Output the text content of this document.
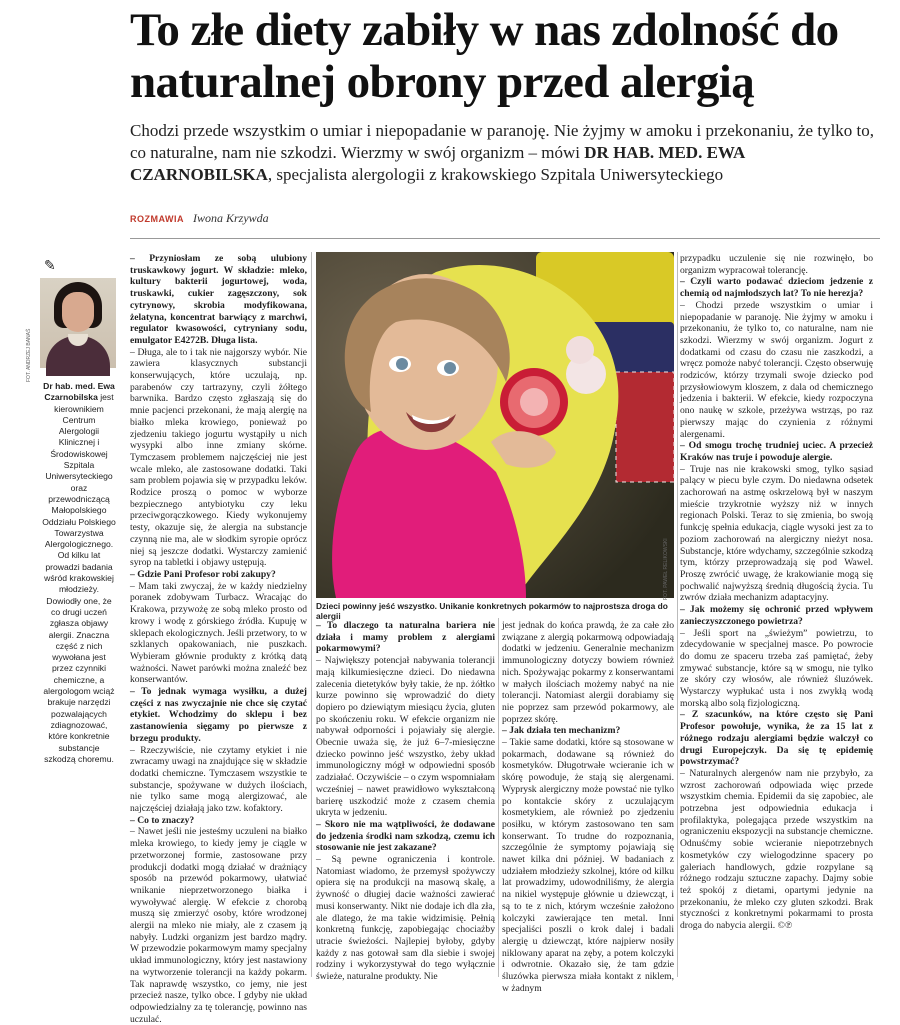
To złe diety zabiły w nas zdolność do naturalnej obrony przed alergią

Chodzi przede wszystkim o umiar i niepopadanie w paranoję. Nie żyjmy w amoku i przekonaniu, że tylko to, co naturalne, nam nie szkodzi. Wierzmy w swój organizm – mówi DR HAB. MED. EWA CZARNOBILSKA, specjalista alergologii z krakowskiego Szpitala Uniwersyteckiego

ROZMAWIA Iwona Krzywda
✎
FOT. ANDRZEJ BANAŚ
Dr hab. med. Ewa Czarnobilska jest kierownikiem Centrum Alergologii Klinicznej i Środowiskowej Szpitala Uniwersyteckiego oraz przewodniczącą Małopolskiego Oddziału Polskiego Towarzystwa Alergologicznego. Od kilku lat prowadzi badania wśród krakowskiej młodzieży. Dowiodły one, że co drugi uczeń zgłasza objawy alergii. Znaczna część z nich wywołana jest przez czynniki chemiczne, a alergologom wciąż brakuje narzędzi pozwalających zdiagnozować, które konkretnie substancje szkodzą choremu.

– Przyniosłam ze sobą ulubiony truskawkowy jogurt. W składzie: mleko, kultury bakterii jogurtowej, woda, truskawki, cukier zagęszczony, sok cytrynowy, skrobia modyfikowana, żelatyna, koncentrat barwiący z marchwi, regulator kwasowości, cytryniany sodu, emulgator E4272B. Długa lista.

– Długa, ale to i tak nie najgorszy wybór. Nie zawiera klasycznych substancji konserwujących, które uczulają, np. parabenów czy tartrazyny, czyli żółtego barwnika. Bardzo często zgłaszają się do mnie pacjenci przekonani, że mają alergię na białko mleka krowiego, ponieważ po zjedzeniu takiego jogurtu wystąpiły u nich wysypki albo inne zmiany skórne. Tymczasem problemem najczęściej nie jest wcale mleko, ale zastosowane dodatki. Taki sam problem pojawia się w przypadku leków. Rodzice proszą o pomoc w wyborze bezpiecznego antybiotyku czy leku przeciwgorączkowego. Kiedy wykonujemy testy, okazuje się, że alergia na substancje czynną nie ma, ale w słodkim syropie oprócz niej są jeszcze dodatki. Wystarczy zamienić syrop na tabletki i objawy ustępują.

– Gdzie Pani Profesor robi zakupy?

– Mam taki zwyczaj, że w każdy niedzielny poranek zdobywam Turbacz. Wracając do Krakowa, przywożę ze sobą mleko prosto od krowy i wodę z górskiego źródła. Kupuję w sklepach ekologicznych. Jeśli przetwory, to w szklanych opakowaniach, nie puszkach. Wybieram głównie produkty z krótką datą ważności. Nawet parówki można znaleźć bez konserwantów.

– To jednak wymaga wysiłku, a dużej części z nas zwyczajnie nie chce się czytać etykiet. Wchodzimy do sklepu i bez zastanowienia sięgamy po pierwsze z brzegu produkty.

– Rzeczywiście, nie czytamy etykiet i nie zwracamy uwagi na znajdujące się w składzie dodatki chemiczne. Tymczasem wszystkie te substancje, spożywane w dużych ilościach, nie tylko same mogą alergizować, ale najczęściej działają jako tzw. kofaktory.

– Co to znaczy?

– Nawet jeśli nie jesteśmy uczuleni na białko mleka krowiego, to kiedy jemy je ciągle w przetworzonej formie, zastosowane przy produkcji dodatki mogą działać w drażniący sposób na przewód pokarmowy, ułatwiać wnikanie nieprzetworzonego białka i wywoływać alergię. W efekcie z chorobą muszą się zmierzyć osoby, które wrodzonej alergii na mleko nie miały, ale z czasem ją nabyły. Ludzki organizm jest bardzo mądry. W przewodzie pokarmowym mamy specjalny układ immunologiczny, który jest nastawiony na wytworzenie tolerancji na każdy pokarm. Tak naprawdę wszystko, co jemy, nie jest przecież nasze, tylko obce. I gdyby nie układ odpowiedzialny za tę tolerancję, powinno nas uczulać.

FOT. PAWEŁ RELIKOWSKI
Dzieci powinny jeść wszystko. Unikanie konkretnych pokarmów to najprostsza droga do alergii

– To dlaczego ta naturalna bariera nie działa i mamy problem z alergiami pokarmowymi?

– Największy potencjał nabywania tolerancji mają kilkumiesięczne dzieci. Do niedawna zalecenia dietetyków były takie, że np. żółtko kurze powinno się wprowadzić do diety dopiero po dziewiątym miesiącu życia, gluten po skończeniu roku. W efekcie organizm nie nabywał odporności i pojawiały się alergie. Obecnie uważa się, że już 6–7-miesięczne dziecko powinno jeść wszystko, żeby układ immunologiczny mógł w odpowiedni sposób zadziałać. Oczywiście – o czym wspomniałam wcześniej – nawet prawidłowo wykształconą barierę uszkodzić może z czasem chemia ukryta w jedzeniu.

– Skoro nie ma wątpliwości, że dodawane do jedzenia środki nam szkodzą, czemu ich stosowanie nie jest zakazane?

– Są pewne ograniczenia i kontrole. Natomiast wiadomo, że przemysł spożywczy opiera się na produkcji na masową skalę, a żywność o długiej dacie ważności zawierać musi konserwanty. Nikt nie dodaje ich dla zła, ale dlatego, że ma takie widzimisię. Pełnią konkretną funkcję, zapobiegając chociażby utracie świeżości. Najlepiej byłoby, gdyby każdy z nas gotował sam dla siebie i swojej rodziny i wykorzystywał do tego wyłącznie świeże, naturalne produkty. Nie

jest jednak do końca prawdą, że za całe zło związane z alergią pokarmową odpowiadają dodatki w jedzeniu. Generalnie mechanizm immunologiczny dotyczy bowiem również nich. Spożywając pokarmy z konserwantami w małych ilościach możemy nabyć na nie tolerancji. Natomiast alergii dorabiamy się nie poprzez sam przewód pokarmowy, ale poprzez skórę.

– Jak działa ten mechanizm?

– Takie same dodatki, które są stosowane w pokarmach, dodawane są również do kosmetyków. Długotrwałe wcieranie ich w skórę powoduje, że stają się alergenami. Wyprysk alergiczny może powstać nie tylko po kontakcie skóry z uczulającym kosmetykiem, ale również po zjedzeniu posiłku, w którym zastosowano ten sam konserwant. To trudne do rozpoznania, szczególnie że symptomy pojawiają się nawet kilka dni później. W badaniach z udziałem młodzieży szkolnej, które od kilku lat prowadzimy, udowodniliśmy, że alergia na nikiel występuje głównie u dziewcząt, i są to te z nich, którym wcześnie założono kolczyki zawierające ten metal. Inni specjaliści poszli o krok dalej i badali alergię u dziewcząt, które najpierw nosiły niklowany aparat na zęby, a potem kolczyki i odwrotnie. Okazało się, że tam gdzie śluzówka pierwsza miała kontakt z niklem, w żadnym

przypadku uczulenie się nie rozwinęło, bo organizm wypracował tolerancję.

– Czyli warto podawać dzieciom jedzenie z chemią od najmłodszych lat? To nie herezja?

– Chodzi przede wszystkim o umiar i niepopadanie w paranoję. Nie żyjmy w amoku i przekonaniu, że tylko to, co naturalne, nam nie szkodzi. Wierzmy w swój organizm. Jogurt z dodatkami od czasu do czasu nie zaszkodzi, a wręcz pomoże nabyć tolerancji. Często obserwuję rodziców, którzy trzymali swoje dziecko pod przysłowiowym kloszem, z dala od chemicznego jedzenia i bakterii. W efekcie, kiedy rozpoczyna ono naukę w szkole, przeżywa wstrząs, po raz pierwszy mając do czynienia z różnymi alergenami.

– Od smogu trochę trudniej uciec. A przecież Kraków nas truje i powoduje alergie.

– Truje nas nie krakowski smog, tylko sąsiad palący w piecu byle czym. Do niedawna odsetek zachorowań na astmę oskrzelową był w naszym mieście trzykrotnie wyższy niż w innych regionach Polski. Teraz to się zmienia, bo swoją funkcję spełnia edukacja, ciągle wysoki jest za to poziom zachorowań na alergiczny nieżyt nosa. Substancje, które wdychamy, szczególnie szkodzą tym, którzy przeprowadzają się pod Wawel. Proszę zwrócić uwagę, że krakowianie mogą się pochwalić najwyższą średnią długością życia. Tu zwrów działa mechanizm adaptacyjny.

– Jak możemy się ochronić przed wpływem zanieczyszczonego powietrza?

– Jeśli sport na „świeżym” powietrzu, to zdecydowanie w specjalnej masce. Po powrocie do domu ze spaceru trzeba zaś pamiętać, żeby zmywać substancje, które są w smogu, nie tylko ze skóry czy włosów, ale również śluzówek. Wystarczy wypłukać usta i nos zwykłą wodą morską albo solą fizjologiczną.

– Z szacunków, na które często się Pani Profesor powołuje, wynika, że za 15 lat z różnego rodzaju alergiami będzie walczył co drugi Europejczyk. Da się tę epidemię powstrzymać?

– Naturalnych alergenów nam nie przybyło, za wzrost zachorowań odpowiada więc przede wszystkim chemia. Epidemii da się zapobiec, ale potrzebna jest odpowiednia edukacja i profilaktyka, polegająca przede wszystkim na ograniczeniu ekspozycji na substancje chemiczne. Odnuśćmy sobie wcieranie niepotrzebnych kosmetyków czy wielogodzinne spacery po galeriach handlowych, gdzie rozpylane są różnego rodzaju sztuczne zapachy. Dajmy sobie też spokój z dietami, opartymi jedynie na przekonaniu, że mleko czy gluten szkodzi. Brak styczności z konkretnymi pokarmami to prosta droga do nabycia alergii. ©℗
